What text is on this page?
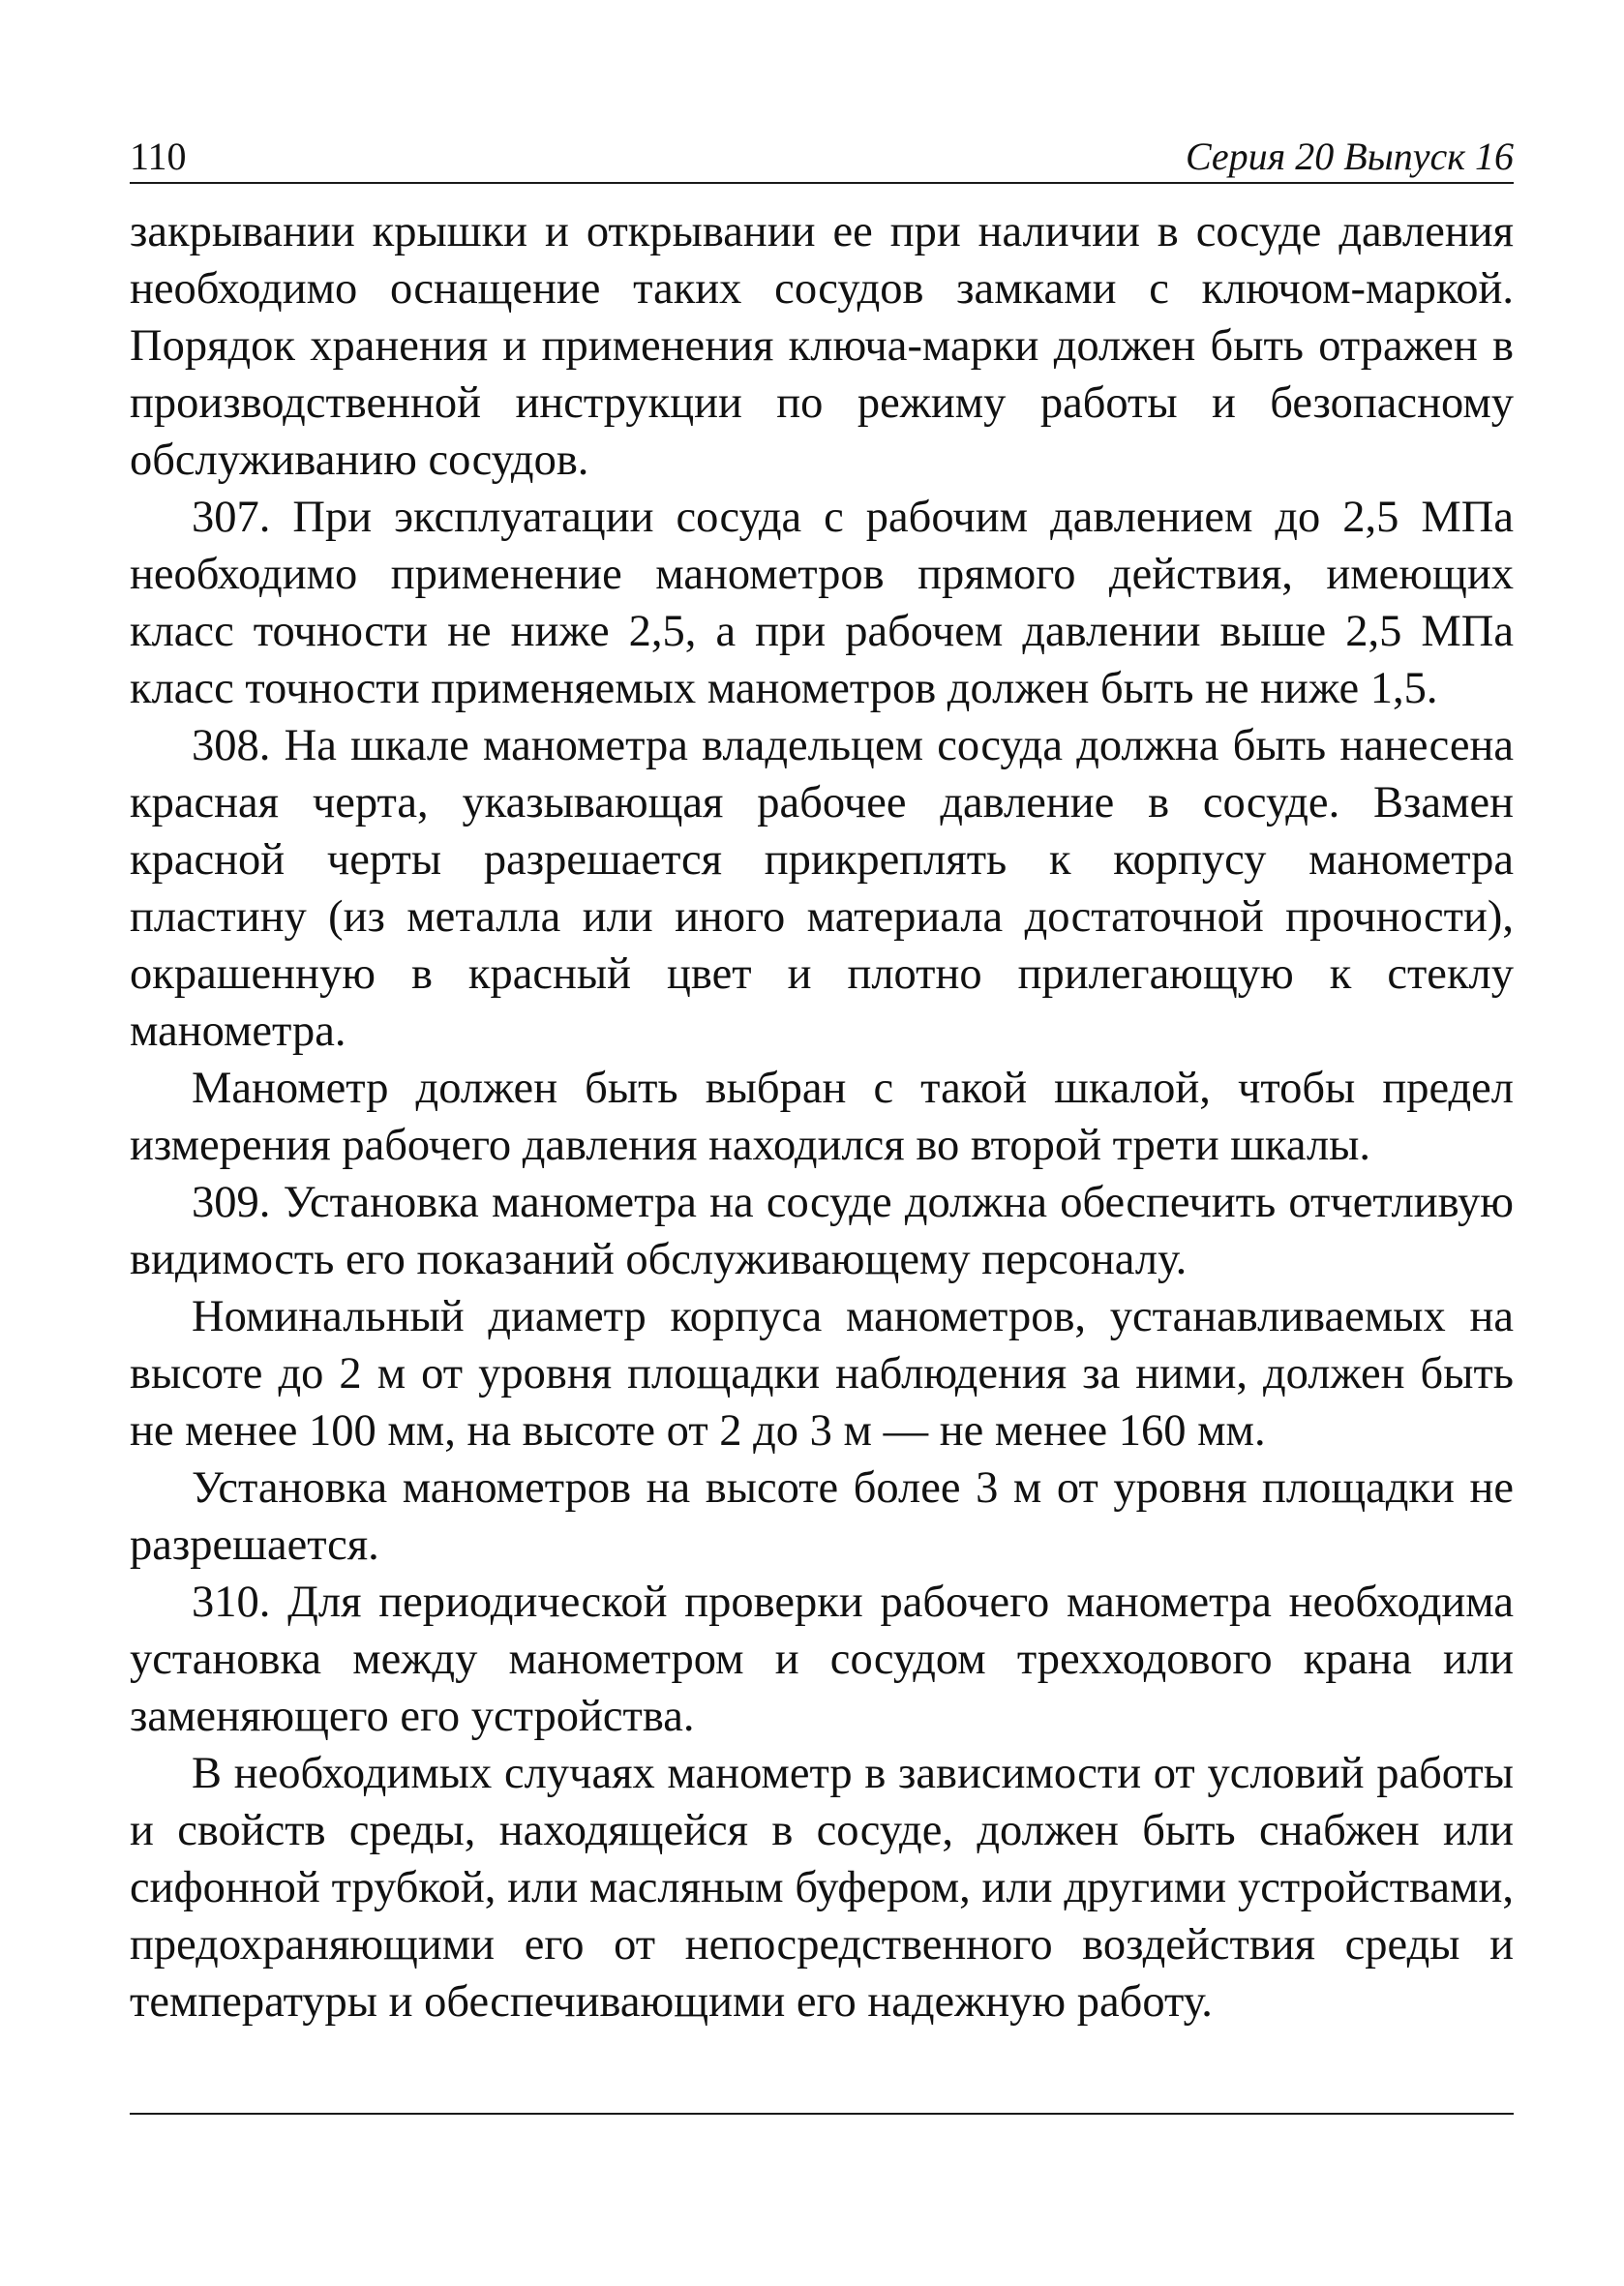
110	Серия 20 Выпуск 16

закрывании крышки и открывании ее при наличии в сосуде давления необходимо оснащение таких сосудов замками с ключом-маркой. Порядок хранения и применения ключа-марки должен быть отражен в производственной инструкции по режиму работы и безопасному обслуживанию сосудов.

307. При эксплуатации сосуда с рабочим давлением до 2,5 МПа необходимо применение манометров прямого действия, имеющих класс точности не ниже 2,5, а при рабочем давлении выше 2,5 МПа класс точности применяемых манометров должен быть не ниже 1,5.

308. На шкале манометра владельцем сосуда должна быть нанесена красная черта, указывающая рабочее давление в сосуде. Взамен красной черты разрешается прикреплять к корпусу манометра пластину (из металла или иного материала достаточной прочности), окрашенную в красный цвет и плотно прилегающую к стеклу манометра.

Манометр должен быть выбран с такой шкалой, чтобы предел измерения рабочего давления находился во второй трети шкалы.

309. Установка манометра на сосуде должна обеспечить отчетливую видимость его показаний обслуживающему персоналу.

Номинальный диаметр корпуса манометров, устанавливаемых на высоте до 2 м от уровня площадки наблюдения за ними, должен быть не менее 100 мм, на высоте от 2 до 3 м — не менее 160 мм.

Установка манометров на высоте более 3 м от уровня площадки не разрешается.

310. Для периодической проверки рабочего манометра необходима установка между манометром и сосудом трехходового крана или заменяющего его устройства.

В необходимых случаях манометр в зависимости от условий работы и свойств среды, находящейся в сосуде, должен быть снабжен или сифонной трубкой, или масляным буфером, или другими устройствами, предохраняющими его от непосредственного воздействия среды и температуры и обеспечивающими его надежную работу.
